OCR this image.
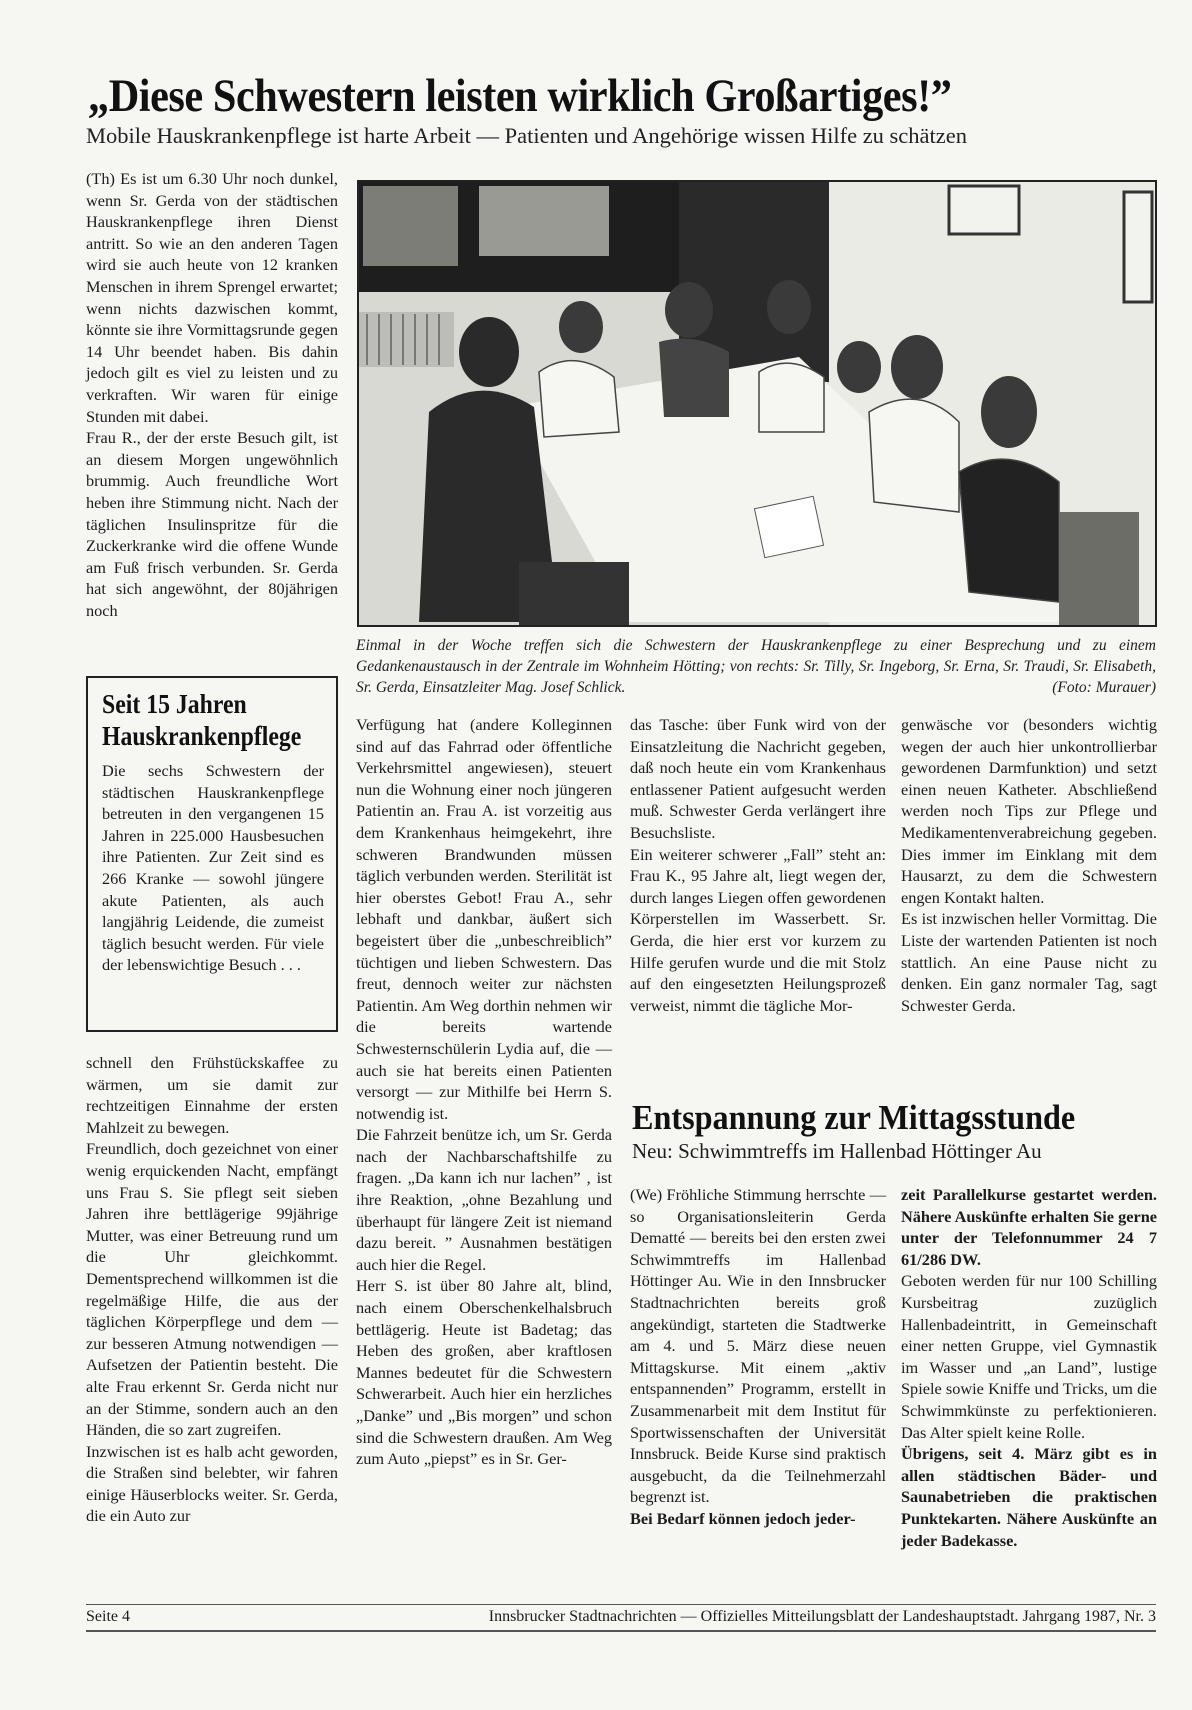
„Diese Schwestern leisten wirklich Großartiges!”
Mobile Hauskrankenpflege ist harte Arbeit — Patienten und Angehörige wissen Hilfe zu schätzen

(Th) Es ist um 6.30 Uhr noch dunkel, wenn Sr. Gerda von der städtischen Hauskrankenpflege ihren Dienst antritt. So wie an den anderen Tagen wird sie auch heute von 12 kranken Menschen in ihrem Sprengel erwartet; wenn nichts dazwischen kommt, könnte sie ihre Vormittagsrunde gegen 14 Uhr beendet haben. Bis dahin jedoch gilt es viel zu leisten und zu verkraften. Wir waren für einige Stunden mit dabei.

Frau R., der der erste Besuch gilt, ist an diesem Morgen ungewöhnlich brummig. Auch freundliche Wort heben ihre Stimmung nicht. Nach der täglichen Insulinspritze für die Zuckerkranke wird die offene Wunde am Fuß frisch verbunden. Sr. Gerda hat sich angewöhnt, der 80jährigen noch

Seit 15 Jahren
Hauskrankenpflege

Die sechs Schwestern der städtischen Hauskrankenpflege betreuten in den vergangenen 15 Jahren in 225.000 Hausbesuchen ihre Patienten. Zur Zeit sind es 266 Kranke — sowohl jüngere akute Patienten, als auch langjährig Leidende, die zumeist täglich besucht werden. Für viele der lebenswichtige Besuch . . .

schnell den Frühstückskaffee zu wärmen, um sie damit zur rechtzeitigen Einnahme der ersten Mahlzeit zu bewegen.

Freundlich, doch gezeichnet von einer wenig erquickenden Nacht, empfängt uns Frau S. Sie pflegt seit sieben Jahren ihre bettlägerige 99jährige Mutter, was einer Betreuung rund um die Uhr gleichkommt. Dementsprechend willkommen ist die regelmäßige Hilfe, die aus der täglichen Körperpflege und dem — zur besseren Atmung notwendigen — Aufsetzen der Patientin besteht. Die alte Frau erkennt Sr. Gerda nicht nur an der Stimme, sondern auch an den Händen, die so zart zugreifen.

Inzwischen ist es halb acht geworden, die Straßen sind belebter, wir fahren einige Häuserblocks weiter. Sr. Gerda, die ein Auto zur

Einmal in der Woche treffen sich die Schwestern der Hauskrankenpflege zu einer Besprechung und zu einem Gedankenaustausch in der Zentrale im Wohnheim Hötting; von rechts: Sr. Tilly, Sr. Ingeborg, Sr. Erna, Sr. Traudi, Sr. Elisabeth, Sr. Gerda, Einsatzleiter Mag. Josef Schlick.	(Foto: Murauer)

Verfügung hat (andere Kolleginnen sind auf das Fahrrad oder öffentliche Verkehrsmittel angewiesen), steuert nun die Wohnung einer noch jüngeren Patientin an. Frau A. ist vorzeitig aus dem Krankenhaus heimgekehrt, ihre schweren Brandwunden müssen täglich verbunden werden. Sterilität ist hier oberstes Gebot! Frau A., sehr lebhaft und dankbar, äußert sich begeistert über die „unbeschreiblich” tüchtigen und lieben Schwestern. Das freut, dennoch weiter zur nächsten Patientin. Am Weg dorthin nehmen wir die bereits wartende Schwesternschülerin Lydia auf, die — auch sie hat bereits einen Patienten versorgt — zur Mithilfe bei Herrn S. notwendig ist.

Die Fahrzeit benütze ich, um Sr. Gerda nach der Nachbarschaftshilfe zu fragen. „Da kann ich nur lachen” , ist ihre Reaktion, „ohne Bezahlung und überhaupt für längere Zeit ist niemand dazu bereit. ” Ausnahmen bestätigen auch hier die Regel.

Herr S. ist über 80 Jahre alt, blind, nach einem Oberschenkelhalsbruch bettlägerig. Heute ist Badetag; das Heben des großen, aber kraftlosen Mannes bedeutet für die Schwestern Schwerarbeit. Auch hier ein herzliches „Danke” und „Bis morgen” und schon sind die Schwestern draußen. Am Weg zum Auto „piepst” es in Sr. Ger-

das Tasche: über Funk wird von der Einsatzleitung die Nachricht gegeben, daß noch heute ein vom Krankenhaus entlassener Patient aufgesucht werden muß. Schwester Gerda verlängert ihre Besuchsliste.

Ein weiterer schwerer „Fall” steht an: Frau K., 95 Jahre alt, liegt wegen der, durch langes Liegen offen gewordenen Körperstellen im Wasserbett. Sr. Gerda, die hier erst vor kurzem zu Hilfe gerufen wurde und die mit Stolz auf den eingesetzten Heilungsprozeß verweist, nimmt die tägliche Mor-

genwäsche vor (besonders wichtig wegen der auch hier unkontrollierbar gewordenen Darmfunktion) und setzt einen neuen Katheter. Abschließend werden noch Tips zur Pflege und Medikamentenverabreichung gegeben. Dies immer im Einklang mit dem Hausarzt, zu dem die Schwestern engen Kontakt halten.

Es ist inzwischen heller Vormittag. Die Liste der wartenden Patienten ist noch stattlich. An eine Pause nicht zu denken. Ein ganz normaler Tag, sagt Schwester Gerda.

Entspannung zur Mittagsstunde
Neu: Schwimmtreffs im Hallenbad Höttinger Au

(We) Fröhliche Stimmung herrschte — so Organisationsleiterin Gerda Dematté — bereits bei den ersten zwei Schwimmtreffs im Hallenbad Höttinger Au. Wie in den Innsbrucker Stadtnachrichten bereits groß angekündigt, starteten die Stadtwerke am 4. und 5. März diese neuen Mittagskurse. Mit einem „aktiv entspannenden” Programm, erstellt in Zusammenarbeit mit dem Institut für Sportwissenschaften der Universität Innsbruck. Beide Kurse sind praktisch ausgebucht, da die Teilnehmerzahl begrenzt ist.

Bei Bedarf können jedoch jeder-

zeit Parallelkurse gestartet werden. Nähere Auskünfte erhalten Sie gerne unter der Telefonnummer 24 7 61/286 DW.

Geboten werden für nur 100 Schilling Kursbeitrag zuzüglich Hallenbadeintritt, in Gemeinschaft einer netten Gruppe, viel Gymnastik im Wasser und „an Land”, lustige Spiele sowie Kniffe und Tricks, um die Schwimmkünste zu perfektionieren. Das Alter spielt keine Rolle.

Übrigens, seit 4. März gibt es in allen städtischen Bäder- und Saunabetrieben die praktischen Punktekarten. Nähere Auskünfte an jeder Badekasse.

Seite 4	Innsbrucker Stadtnachrichten — Offizielles Mitteilungsblatt der Landeshauptstadt. Jahrgang 1987, Nr. 3
